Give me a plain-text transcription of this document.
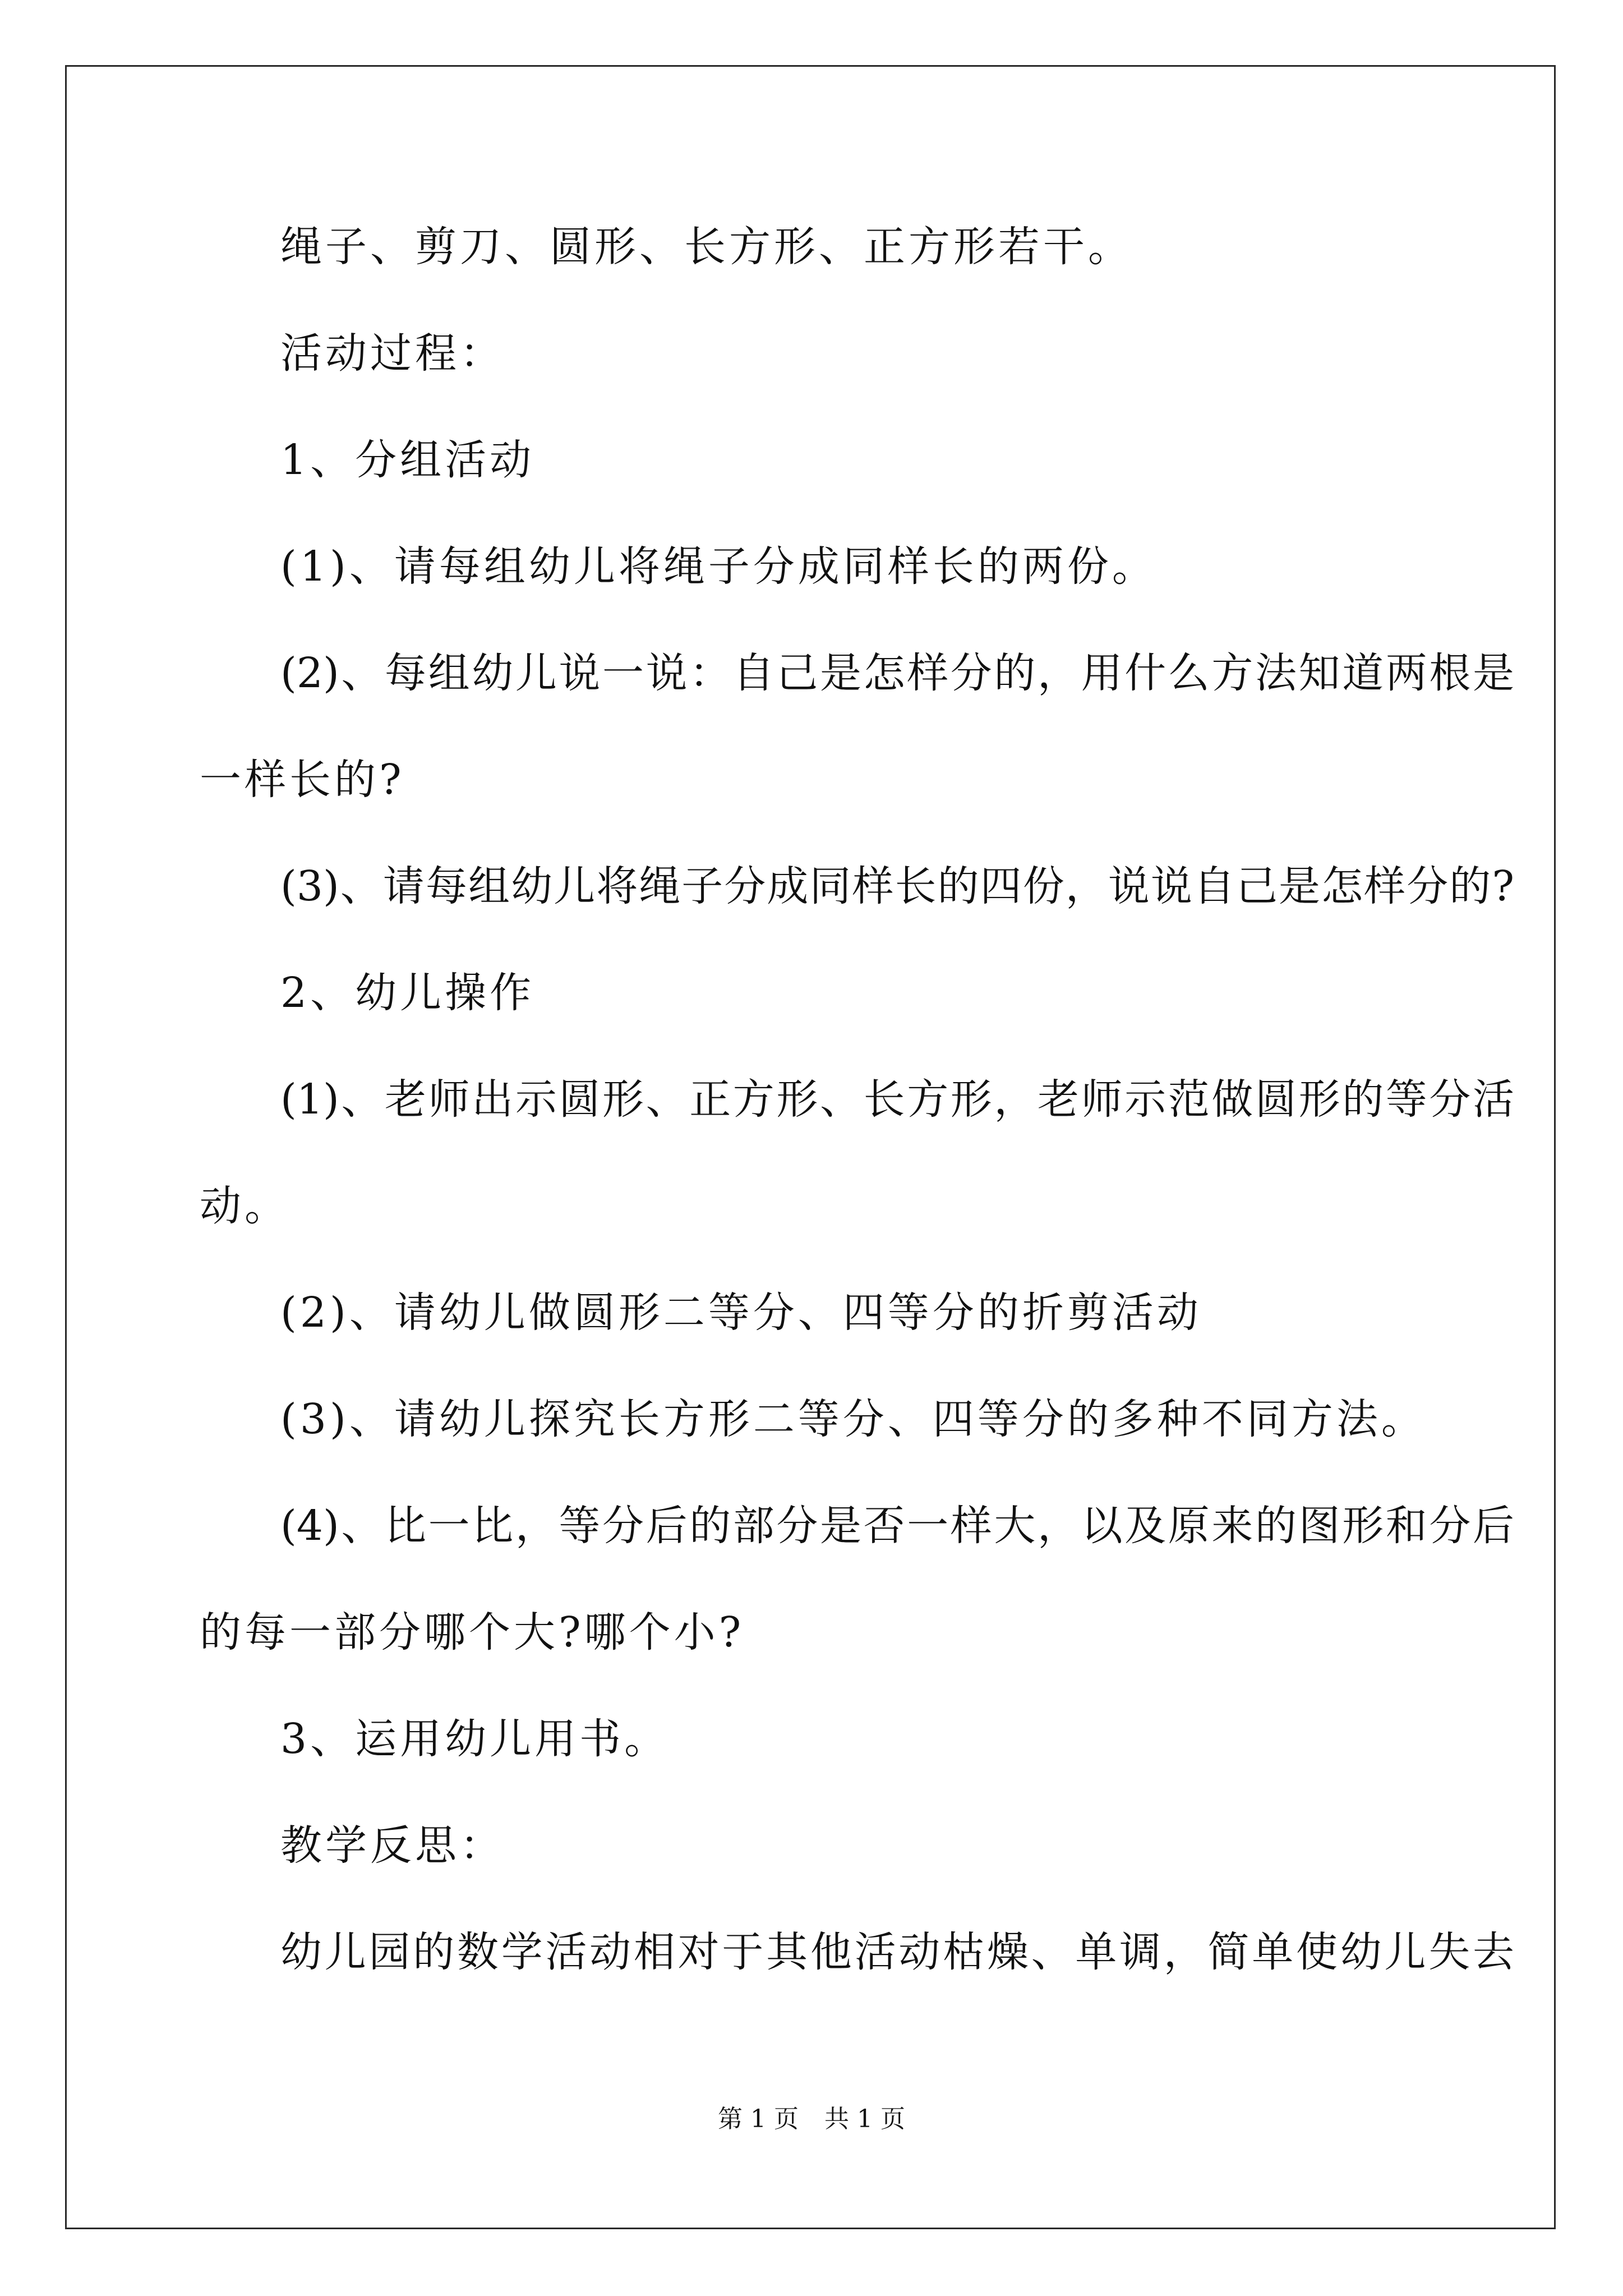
绳子、剪刀、圆形、长方形、正方形若干。
活动过程：
1、分组活动
(1)、请每组幼儿将绳子分成同样长的两份。
(2)、每组幼儿说一说：自己是怎样分的，用什么方法知道两根是
一样长的?
(3)、请每组幼儿将绳子分成同样长的四份，说说自己是怎样分的?
2、幼儿操作
(1)、老师出示圆形、正方形、长方形，老师示范做圆形的等分活
动。
(2)、请幼儿做圆形二等分、四等分的折剪活动
(3)、请幼儿探究长方形二等分、四等分的多种不同方法。
(4)、比一比，等分后的部分是否一样大，以及原来的图形和分后
的每一部分哪个大?哪个小?
3、运用幼儿用书。
教学反思：
幼儿园的数学活动相对于其他活动枯燥、单调，简单使幼儿失去
第 1 页 共 1 页
